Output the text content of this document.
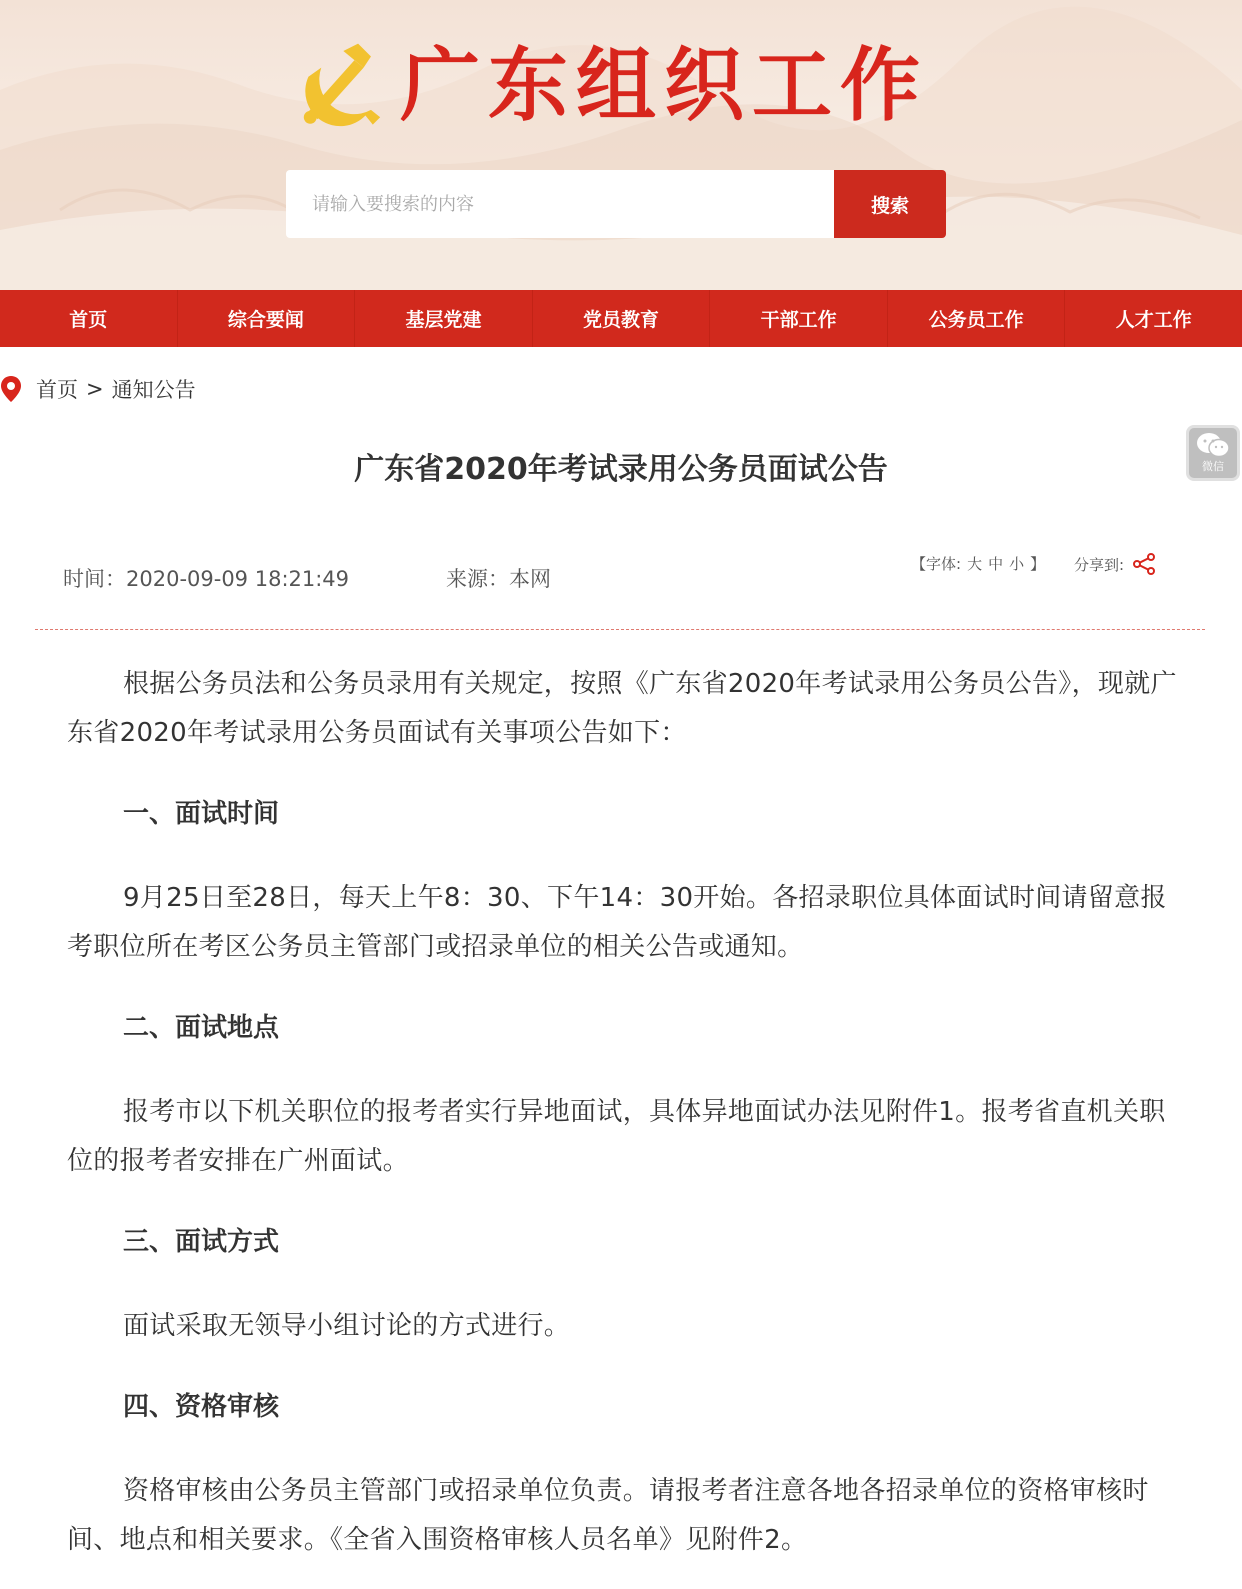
广东组织工作
请输入要搜索的内容
搜索
首页	综合要闻	基层党建	党员教育	干部工作	公务员工作	人才工作
首页 > 通知公告
微信
广东省2020年考试录用公务员面试公告
时间：2020-09-09 18:21:49	来源：本网
【字体: 大 中 小 】 分享到:

根据公务员法和公务员录用有关规定，按照《广东省2020年考试录用公务员公告》，现就广东省2020年考试录用公务员面试有关事项公告如下：

一、面试时间

9月25日至28日，每天上午8：30、下午14：30开始。各招录职位具体面试时间请留意报考职位所在考区公务员主管部门或招录单位的相关公告或通知。

二、面试地点

报考市以下机关职位的报考者实行异地面试，具体异地面试办法见附件1。报考省直机关职位的报考者安排在广州面试。

三、面试方式

面试采取无领导小组讨论的方式进行。

四、资格审核

资格审核由公务员主管部门或招录单位负责。请报考者注意各地各招录单位的资格审核时间、地点和相关要求。《全省入围资格审核人员名单》见附件2。
